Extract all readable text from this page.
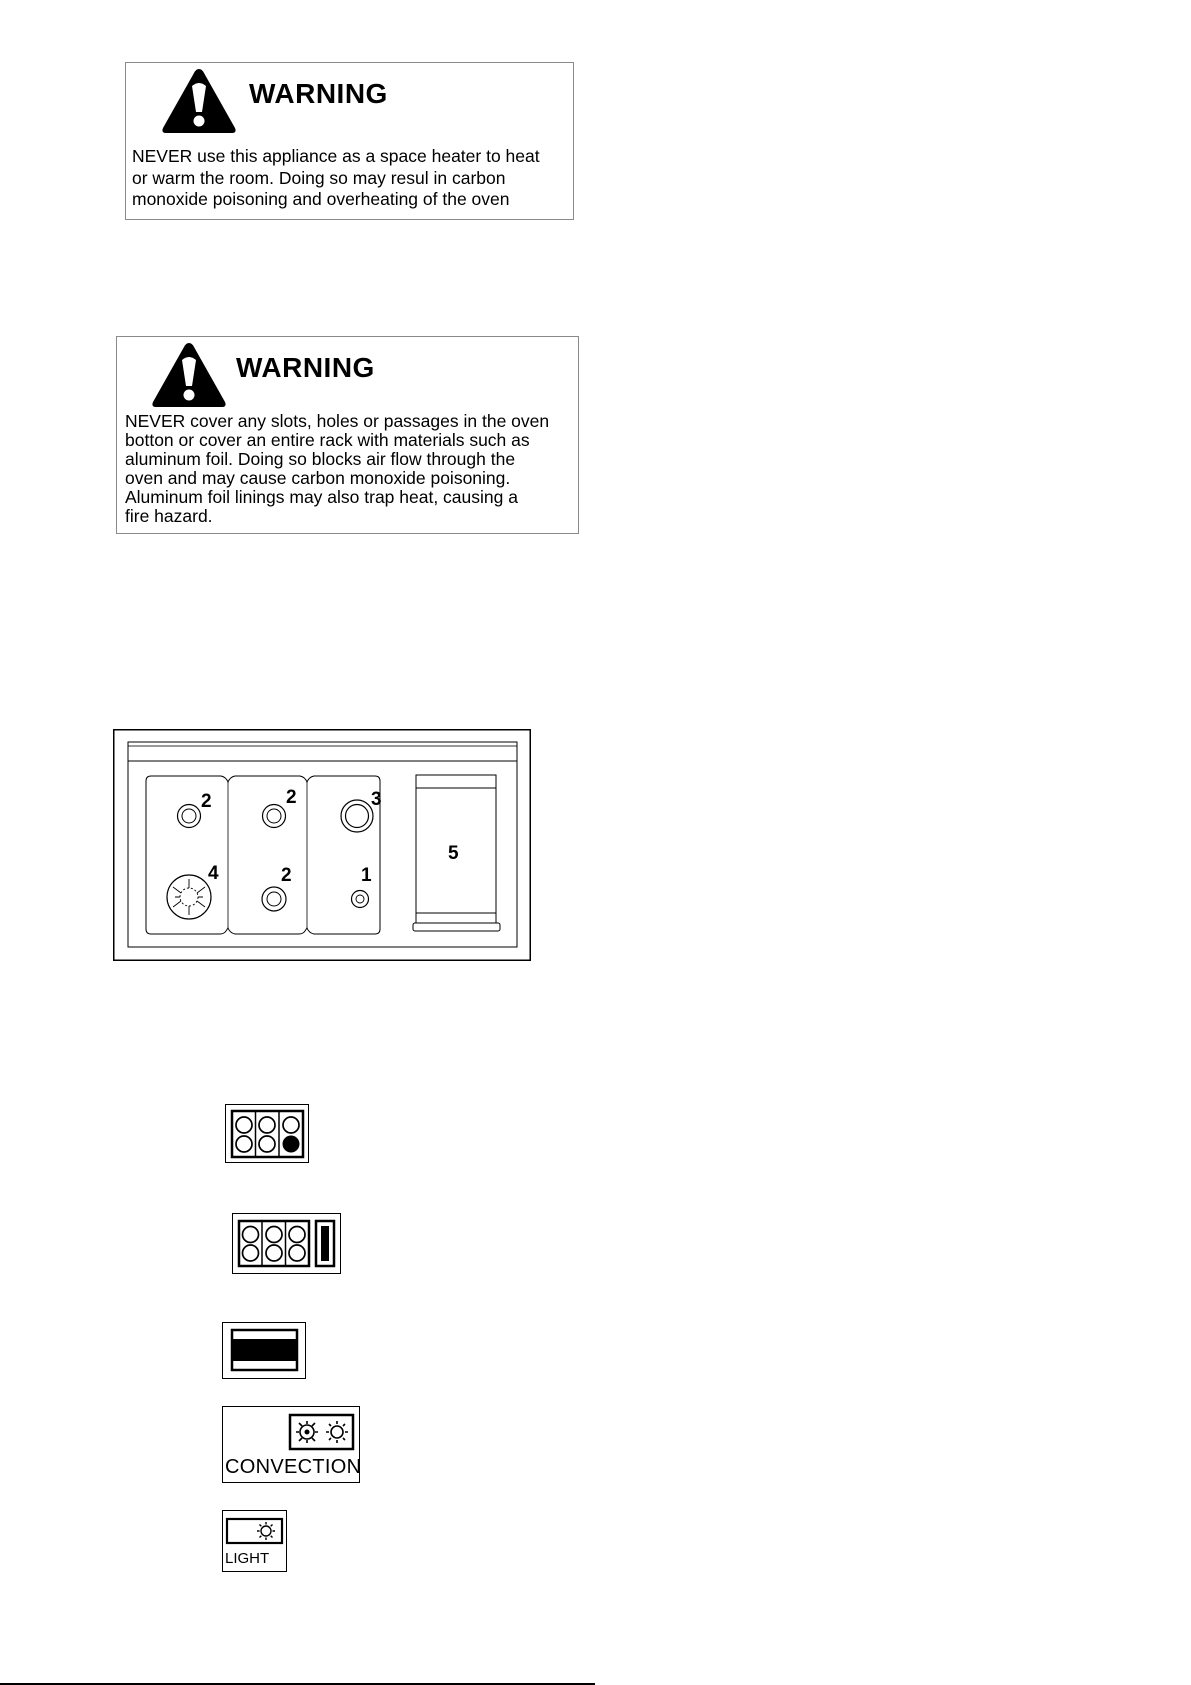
WARNING
NEVER use this appliance as a space heater to heat
or warm the room. Doing so may resul in carbon
monoxide poisoning and overheating of the oven
WARNING
NEVER cover any slots, holes or passages in the oven
botton or cover an entire rack with materials such as
aluminum foil. Doing so blocks air flow through the
oven and may cause carbon monoxide poisoning.
Aluminum foil linings may also trap heat, causing a
fire hazard.
2	2	3
4	2	1
5
CONVECTION
LIGHT
